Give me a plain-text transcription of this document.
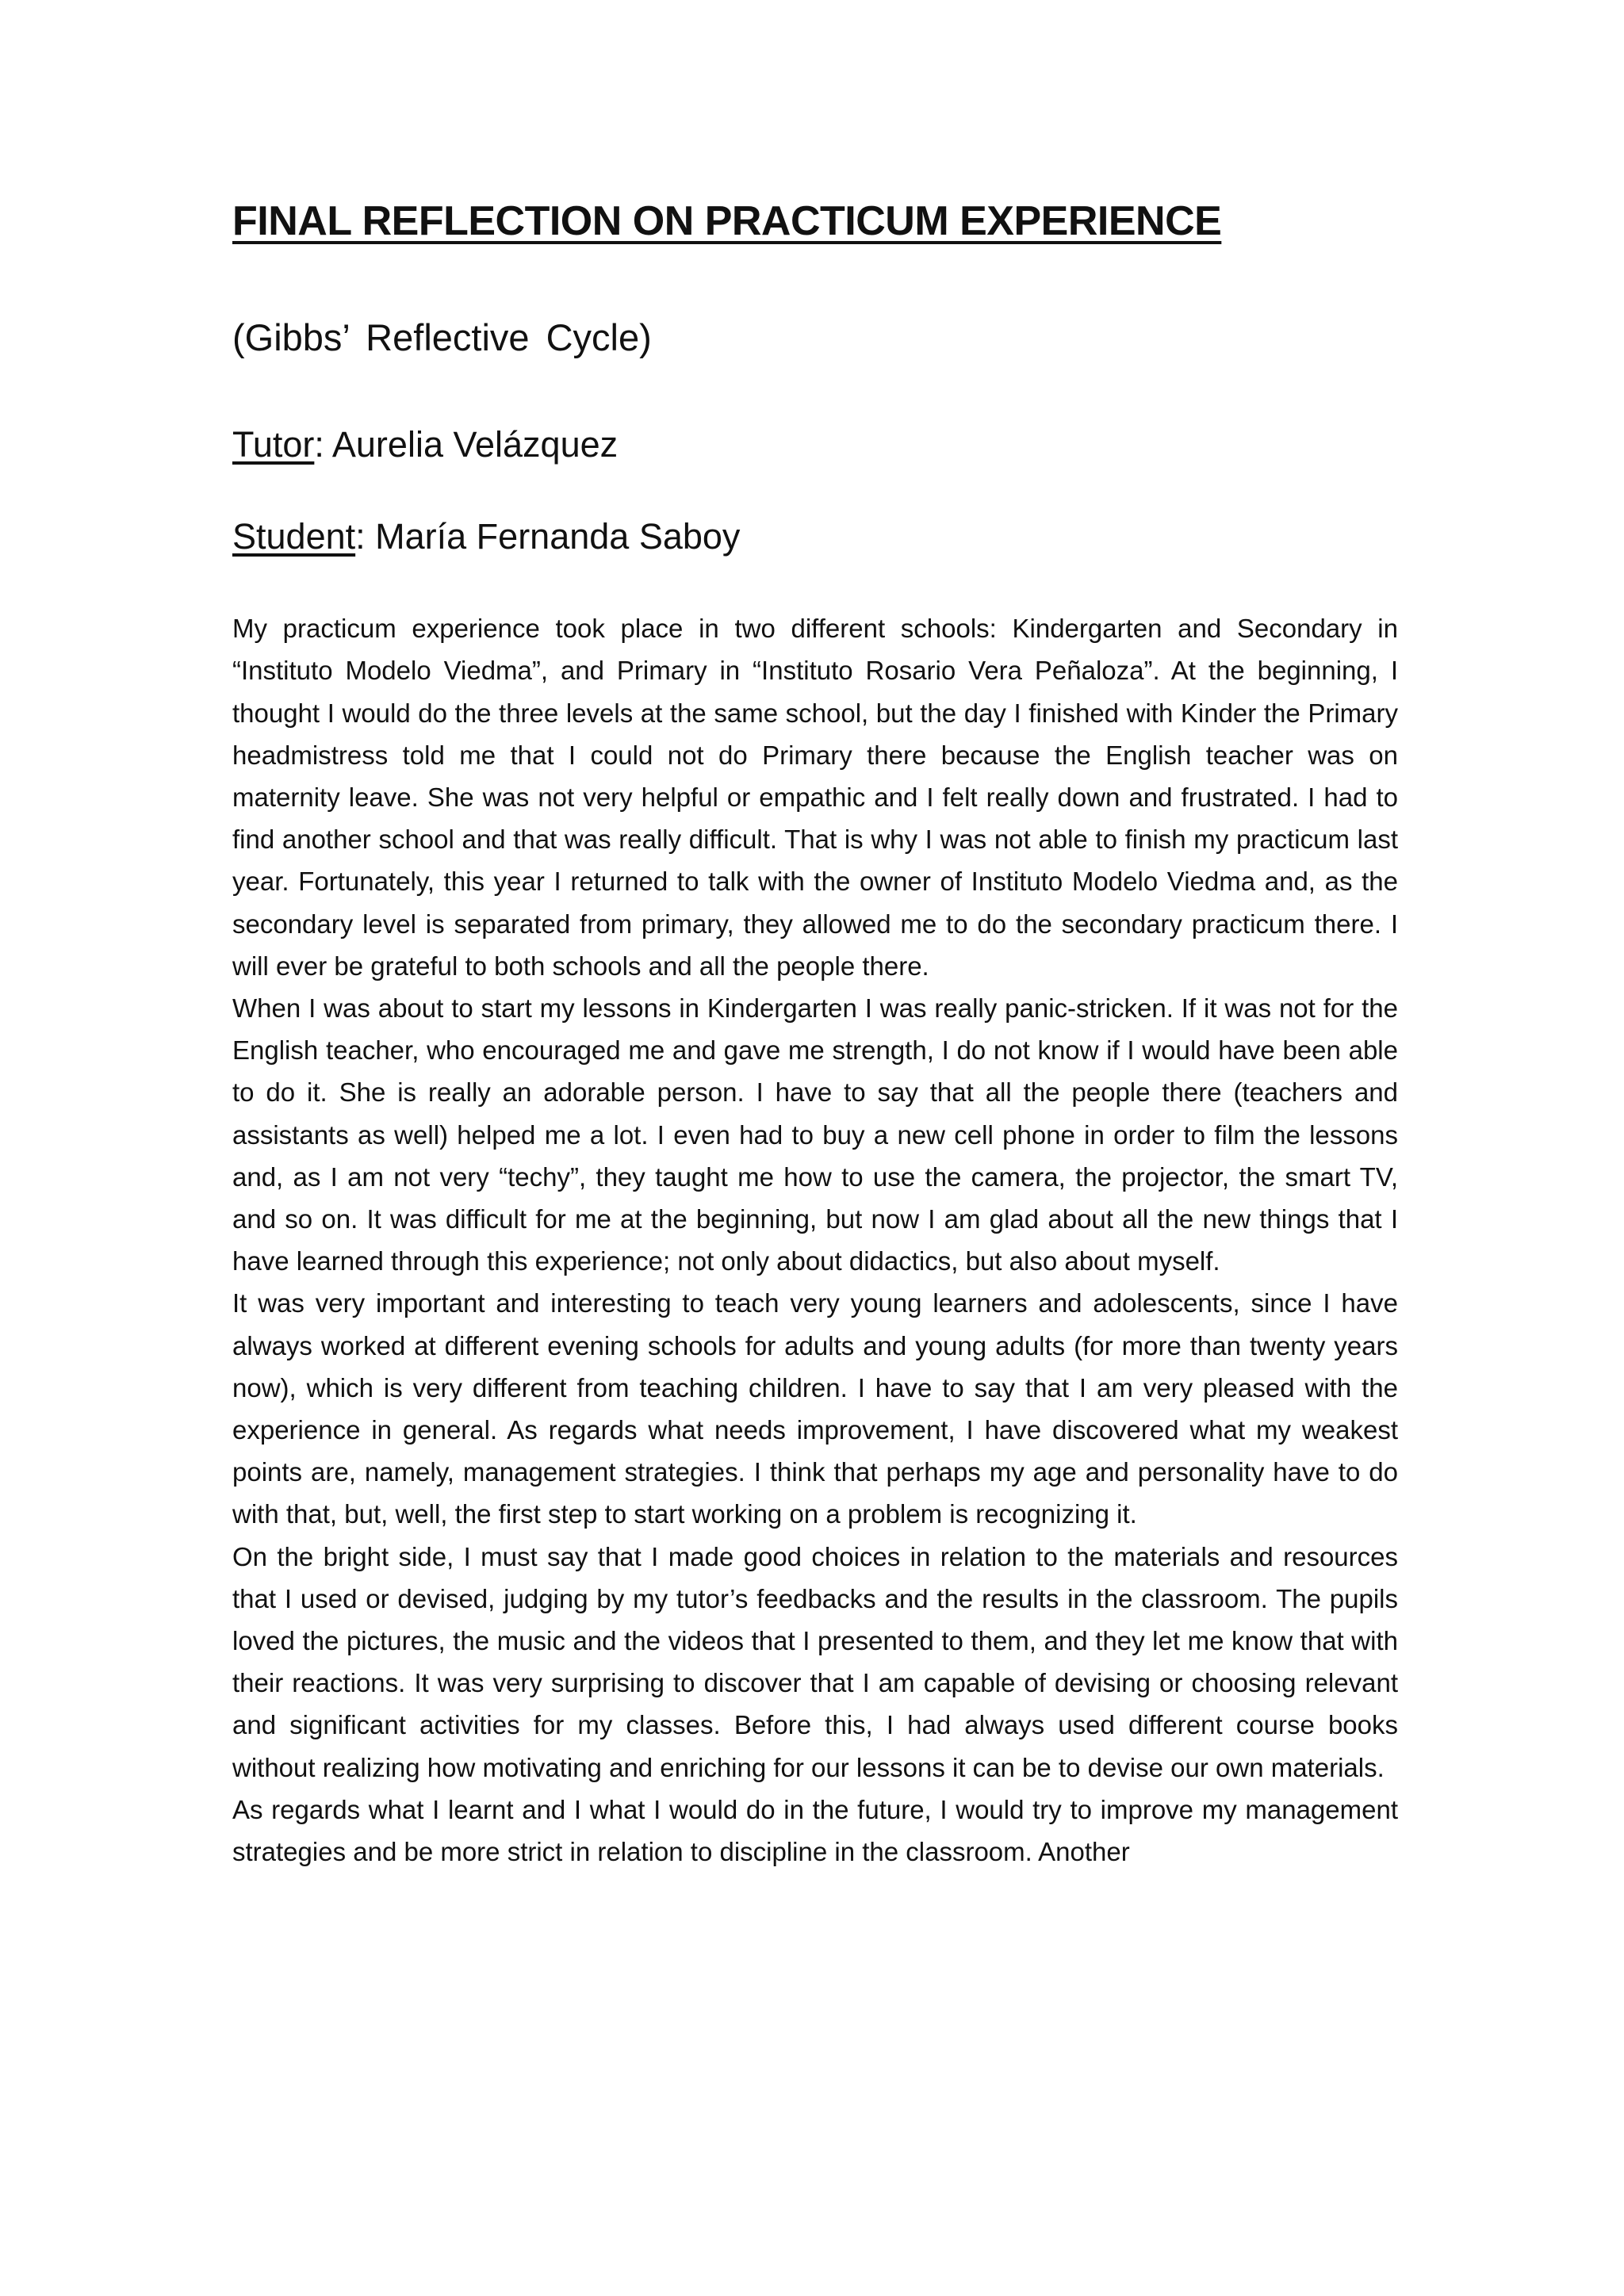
FINAL REFLECTION ON PRACTICUM EXPERIENCE
(Gibbs’ Reflective Cycle)
Tutor: Aurelia Velázquez
Student: María Fernanda Saboy

My practicum experience took place in two different schools: Kindergarten and Secondary in “Instituto Modelo Viedma”, and Primary in “Instituto Rosario Vera Peñaloza”. At the beginning, I thought I would do the three levels at the same school, but the day I finished with Kinder the Primary headmistress told me that I could not do Primary there because the English teacher was on maternity leave. She was not very helpful or empathic and I felt really down and frustrated. I had to find another school and that was really difficult. That is why I was not able to finish my practicum last year. Fortunately, this year I returned to talk with the owner of Instituto Modelo Viedma and, as the secondary level is separated from primary, they allowed me to do the secondary practicum there. I will ever be grateful to both schools and all the people there.

When I was about to start my lessons in Kindergarten I was really panic-stricken. If it was not for the English teacher, who encouraged me and gave me strength, I do not know if I would have been able to do it. She is really an adorable person. I have to say that all the people there (teachers and assistants as well) helped me a lot. I even had to buy a new cell phone in order to film the lessons and, as I am not very “techy”, they taught me how to use the camera, the projector, the smart TV, and so on. It was difficult for me at the beginning, but now I am glad about all the new things that I have learned through this experience; not only about didactics, but also about myself.

It was very important and interesting to teach very young learners and adolescents, since I have always worked at different evening schools for adults and young adults (for more than twenty years now), which is very different from teaching children. I have to say that I am very pleased with the experience in general. As regards what needs improvement, I have discovered what my weakest points are, namely, management strategies. I think that perhaps my age and personality have to do with that, but, well, the first step to start working on a problem is recognizing it.

On the bright side, I must say that I made good choices in relation to the materials and resources that I used or devised, judging by my tutor’s feedbacks and the results in the classroom. The pupils loved the pictures, the music and the videos that I presented to them, and they let me know that with their reactions. It was very surprising to discover that I am capable of devising or choosing relevant and significant activities for my classes. Before this, I had always used different course books without realizing how motivating and enriching for our lessons it can be to devise our own materials.

As regards what I learnt and I what I would do in the future, I would try to improve my management strategies and be more strict in relation to discipline in the classroom. Another
